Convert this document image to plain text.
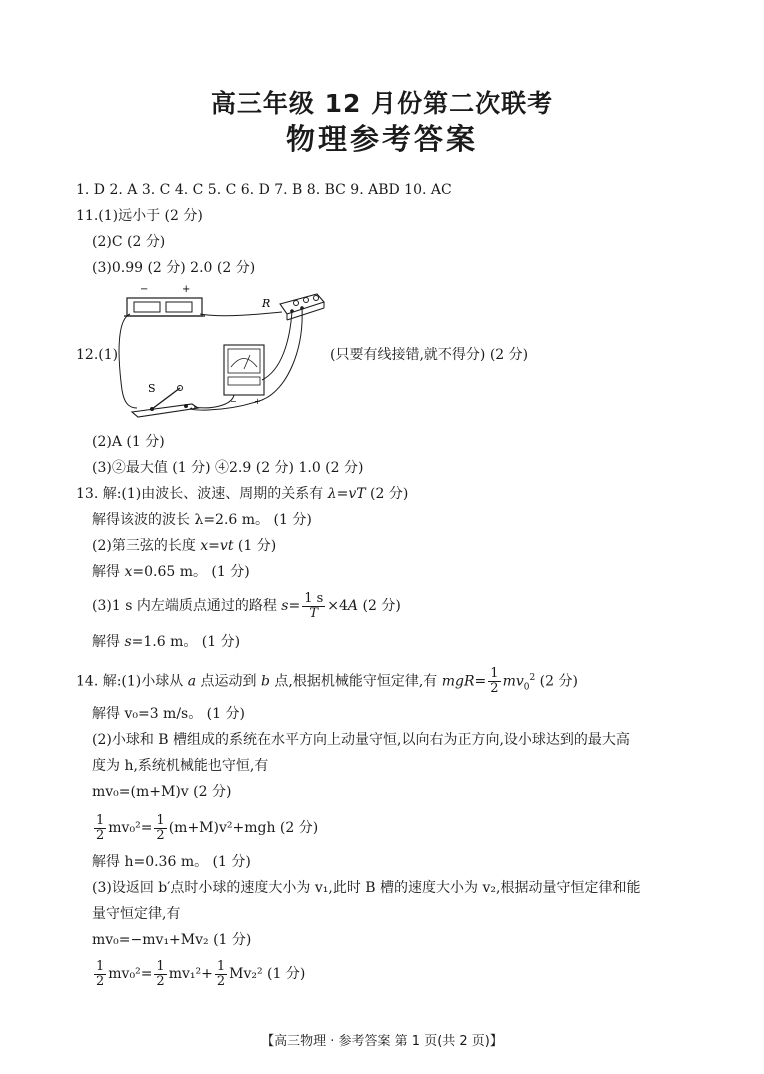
高三年级 12 月份第二次联考
物理参考答案
1. D 2. A 3. C 4. C 5. C 6. D 7. B 8. BC 9. ABD 10. AC
11.(1)远小于 (2 分)
(2)C (2 分)
(3)0.99 (2 分) 2.0 (2 分)
−	+
R
− +
S
12.(1)	(只要有线接错,就不得分) (2 分)
(2)A (1 分)
(3)②最大值 (1 分) ④2.9 (2 分) 1.0 (2 分)
13. 解:(1)由波长、波速、周期的关系有 λ=vT (2 分)
解得该波的波长 λ=2.6 m。 (1 分)
(2)第三弦的长度 x=vt (1 分)
解得 x=0.65 m。 (1 分)
(3)1 s 内左端质点通过的路程 $s= \frac{1 s}{T} \times 4A$ (2 分)
解得 s=1.6 m。 (1 分)
14. 解:(1)小球从 a 点运动到 b 点,根据机械能守恒定律,有 $mgR= \frac{1}{2} mv_0^2$ (2 分)
解得 v₀=3 m/s。 (1 分)
(2)小球和 B 槽组成的系统在水平方向上动量守恒,以向右为正方向,设小球达到的最大高
度为 h,系统机械能也守恒,有
mv₀=(m+M)v (2 分)
$\frac{1}{2} mv_0^2= \frac{1}{2} (m+M)v^2+mgh$ (2 分)
解得 h=0.36 m。 (1 分)
(3)设返回 b′点时小球的速度大小为 v₁,此时 B 槽的速度大小为 v₂,根据动量守恒定律和能
量守恒定律,有
mv₀=−mv₁+Mv₂ (1 分)
$\frac{1}{2} mv_0^2= \frac{1}{2} mv_1^2+ \frac{1}{2} Mv_2^2$ (1 分)
【高三物理 · 参考答案 第 1 页(共 2 页)】
